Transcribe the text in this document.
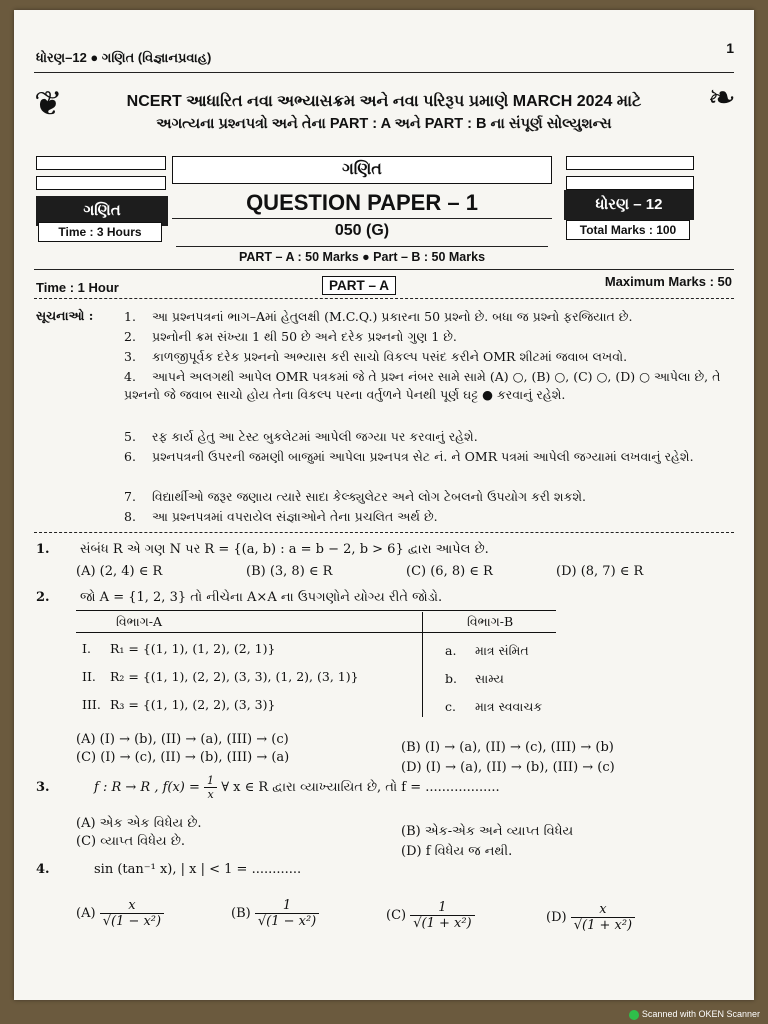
ધોરણ–12 ● ગણિત (વિજ્ઞાનપ્રવાહ)
1
❦	❧
NCERT આધારિત નવા અભ્યાસક્રમ અને નવા પરિરૂપ પ્રમાણે MARCH 2024 માટે
અગત્યના પ્રશ્નપત્રો અને તેના PART : A અને PART : B ના સંપૂર્ણ સોલ્યુશન્સ
ગણિત
Time : 3 Hours
ગણિત
QUESTION PAPER – 1
050 (G)
ધોરણ – 12
Total Marks : 100
PART – A : 50 Marks ● Part – B : 50 Marks
Time : 1 Hour	PART – A	Maximum Marks : 50
સૂચનાઓ : 1. આ પ્રશ્નપત્રનાં ભાગ–Aમાં હેતુલક્ષી (M.C.Q.) પ્રકારના 50 પ્રશ્નો છે. બધા જ પ્રશ્નો ફરજિયાત છે.
2. પ્રશ્નોની ક્રમ સંખ્યા 1 થી 50 છે અને દરેક પ્રશ્નનો ગુણ 1 છે.
3. કાળજીપૂર્વક દરેક પ્રશ્નનો અભ્યાસ કરી સાચો વિકલ્પ પસંદ કરીને OMR શીટમાં જવાબ લખવો.
4. આપને અલગથી આપેલ OMR પત્રકમાં જે તે પ્રશ્ન નંબર સામે સામે (A) ○, (B) ○, (C) ○, (D) ○ આપેલા છે, તે પ્રશ્નનો જે જવાબ સાચો હોય તેના વિકલ્પ પરના વર્તુળને પેનથી પૂર્ણ ઘટ્ટ ● કરવાનું રહેશે.
5. રફ કાર્ય હેતુ આ ટેસ્ટ બુકલેટમાં આપેલી જગ્યા પર કરવાનું રહેશે.
6. પ્રશ્નપત્રની ઉપરની જમણી બાજુમાં આપેલા પ્રશ્નપત્ર સેટ નં. ને OMR પત્રમાં આપેલી જગ્યામાં લખવાનું રહેશે.
7. વિદ્યાર્થીઓ જરૂર જણાય ત્યારે સાદા કેલ્ક્યુલેટર અને લોગ ટેબલનો ઉપયોગ કરી શકશે.
8. આ પ્રશ્નપત્રમાં વપરાયેલ સંજ્ઞાઓને તેના પ્રચલિત અર્થ છે.
1. સંબંધ R એ ગણ N પર R = {(a, b) : a = b − 2, b > 6} દ્વારા આપેલ છે.
(A) (2, 4) ∈ R	(B) (3, 8) ∈ R	(C) (6, 8) ∈ R	(D) (8, 7) ∈ R
2. જો A = {1, 2, 3} તો નીચેના A×A ના ઉપગણોને યોગ્ય રીતે જોડો.
વિભાગ-A	વિભાગ-B
I. R₁ = {(1, 1), (1, 2), (2, 1)}	a. માત્ર સંમિત
II. R₂ = {(1, 1), (2, 2), (3, 3), (1, 2), (3, 1)}	b. સામ્ય
III. R₃ = {(1, 1), (2, 2), (3, 3)}	c. માત્ર સ્વવાચક
(A) (I) → (b), (II) → (a), (III) → (c)
(B) (I) → (a), (II) → (c), (III) → (b)
(C) (I) → (c), (II) → (b), (III) → (a)
(D) (I) → (a), (II) → (b), (III) → (c)
3.	f : R → R , $f(x) = \frac{1}{x}$ ∀ x ∈ R દ્વારા વ્યાખ્યાયિત છે, તો f = ..................
(A) એક એક વિધેય છે.
(B) એક-એક અને વ્યાપ્ત વિધેય
(C) વ્યાપ્ત વિધેય છે.
(D) f વિધેય જ નથી.
4.	sin (tan⁻¹ x), | x | < 1 = ............
$(A) \frac{x}{\text{√(1 − x²)}}$	$(B) \frac{1}{\text{√(1 − x²)}}$	$(C) \frac{1}{\text{√(1 + x²)}}$	$(D) \frac{x}{\text{√(1 + x²)}}$
Scanned with OKEN Scanner
